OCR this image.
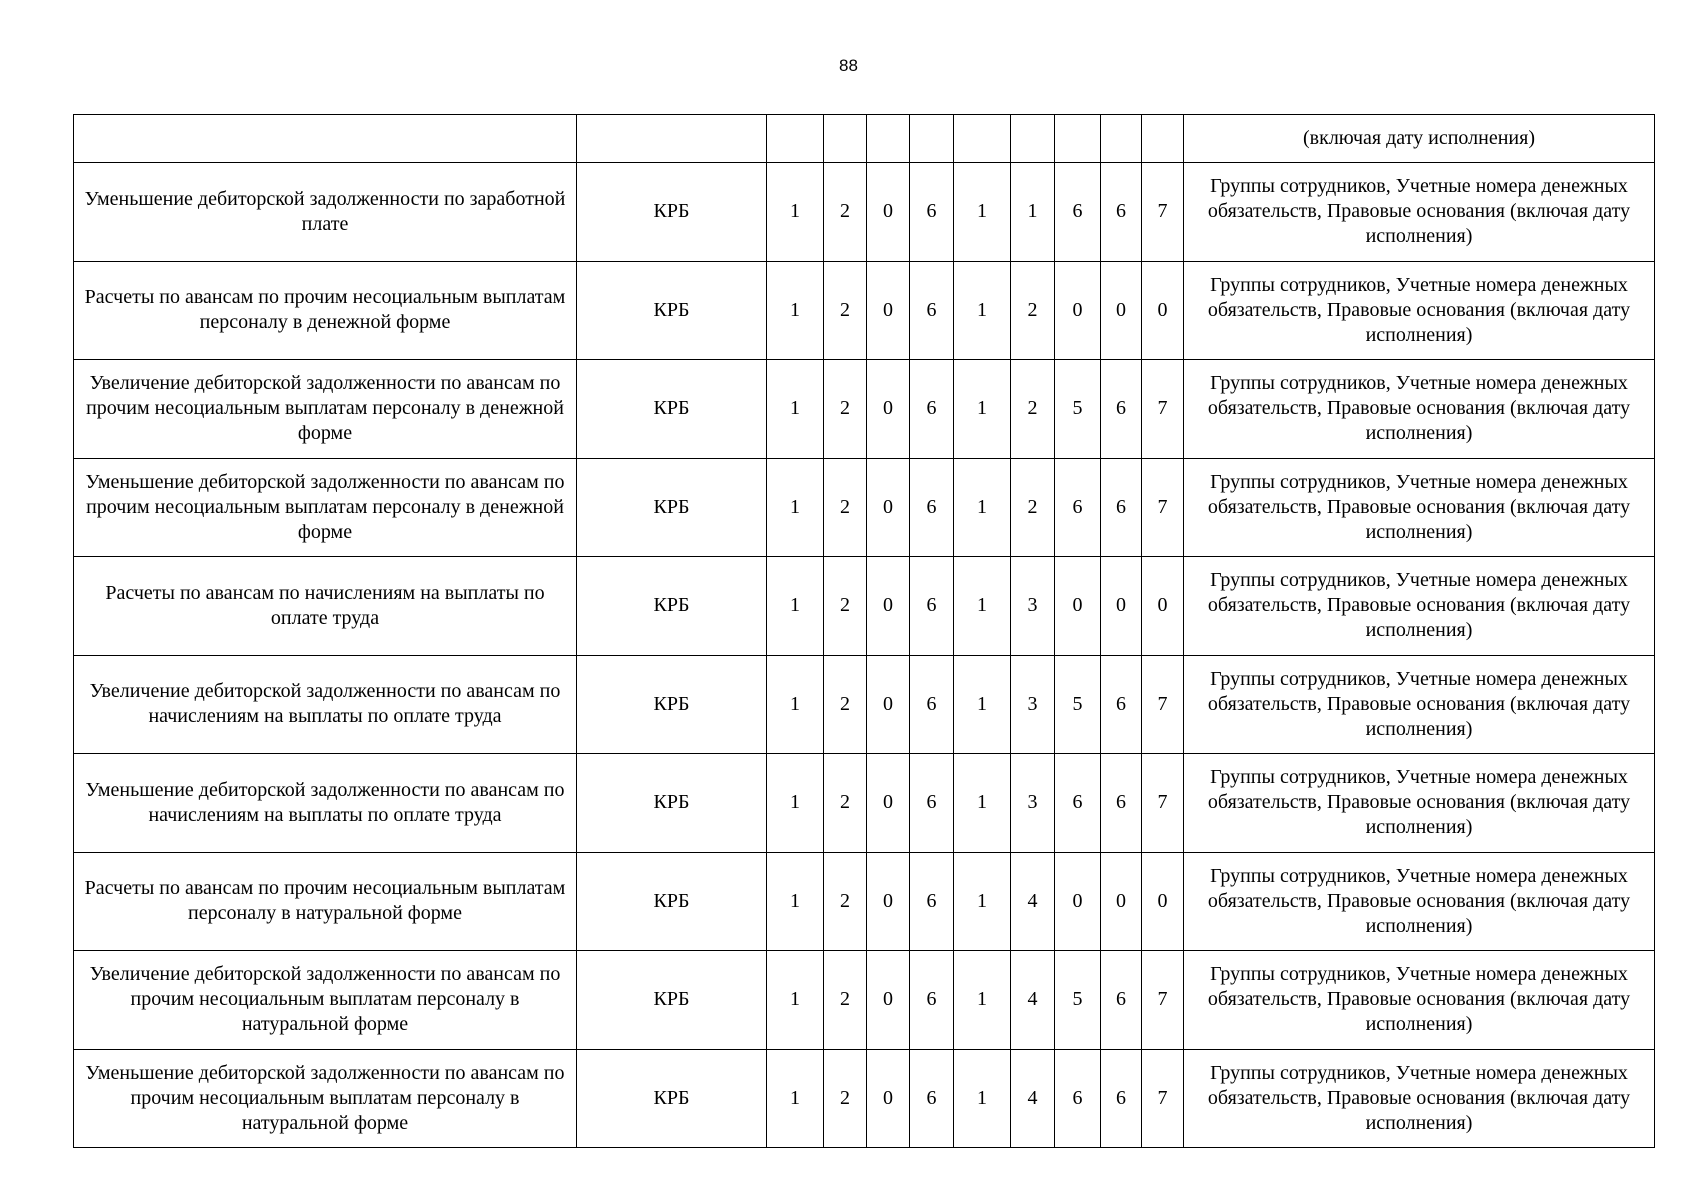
88
											(включая дату исполнения)
Уменьшение дебиторской задолженности по заработной плате	КРБ	1	2	0	6	1	1	6	6	7	Группы сотрудников, Учетные номера денежных обязательств, Правовые основания (включая дату исполнения)
Расчеты по авансам по прочим несоциальным выплатам персоналу в денежной форме	КРБ	1	2	0	6	1	2	0	0	0	Группы сотрудников, Учетные номера денежных обязательств, Правовые основания (включая дату исполнения)
Увеличение дебиторской задолженности по авансам по прочим несоциальным выплатам персоналу в денежной форме	КРБ	1	2	0	6	1	2	5	6	7	Группы сотрудников, Учетные номера денежных обязательств, Правовые основания (включая дату исполнения)
Уменьшение дебиторской задолженности по авансам по прочим несоциальным выплатам персоналу в денежной форме	КРБ	1	2	0	6	1	2	6	6	7	Группы сотрудников, Учетные номера денежных обязательств, Правовые основания (включая дату исполнения)
Расчеты по авансам по начислениям на выплаты по оплате труда	КРБ	1	2	0	6	1	3	0	0	0	Группы сотрудников, Учетные номера денежных обязательств, Правовые основания (включая дату исполнения)
Увеличение дебиторской задолженности по авансам по начислениям на выплаты по оплате труда	КРБ	1	2	0	6	1	3	5	6	7	Группы сотрудников, Учетные номера денежных обязательств, Правовые основания (включая дату исполнения)
Уменьшение дебиторской задолженности по авансам по начислениям на выплаты по оплате труда	КРБ	1	2	0	6	1	3	6	6	7	Группы сотрудников, Учетные номера денежных обязательств, Правовые основания (включая дату исполнения)
Расчеты по авансам по прочим несоциальным выплатам персоналу в натуральной форме	КРБ	1	2	0	6	1	4	0	0	0	Группы сотрудников, Учетные номера денежных обязательств, Правовые основания (включая дату исполнения)
Увеличение дебиторской задолженности по авансам по прочим несоциальным выплатам персоналу в натуральной форме	КРБ	1	2	0	6	1	4	5	6	7	Группы сотрудников, Учетные номера денежных обязательств, Правовые основания (включая дату исполнения)
Уменьшение дебиторской задолженности по авансам по прочим несоциальным выплатам персоналу в натуральной форме	КРБ	1	2	0	6	1	4	6	6	7	Группы сотрудников, Учетные номера денежных обязательств, Правовые основания (включая дату исполнения)
